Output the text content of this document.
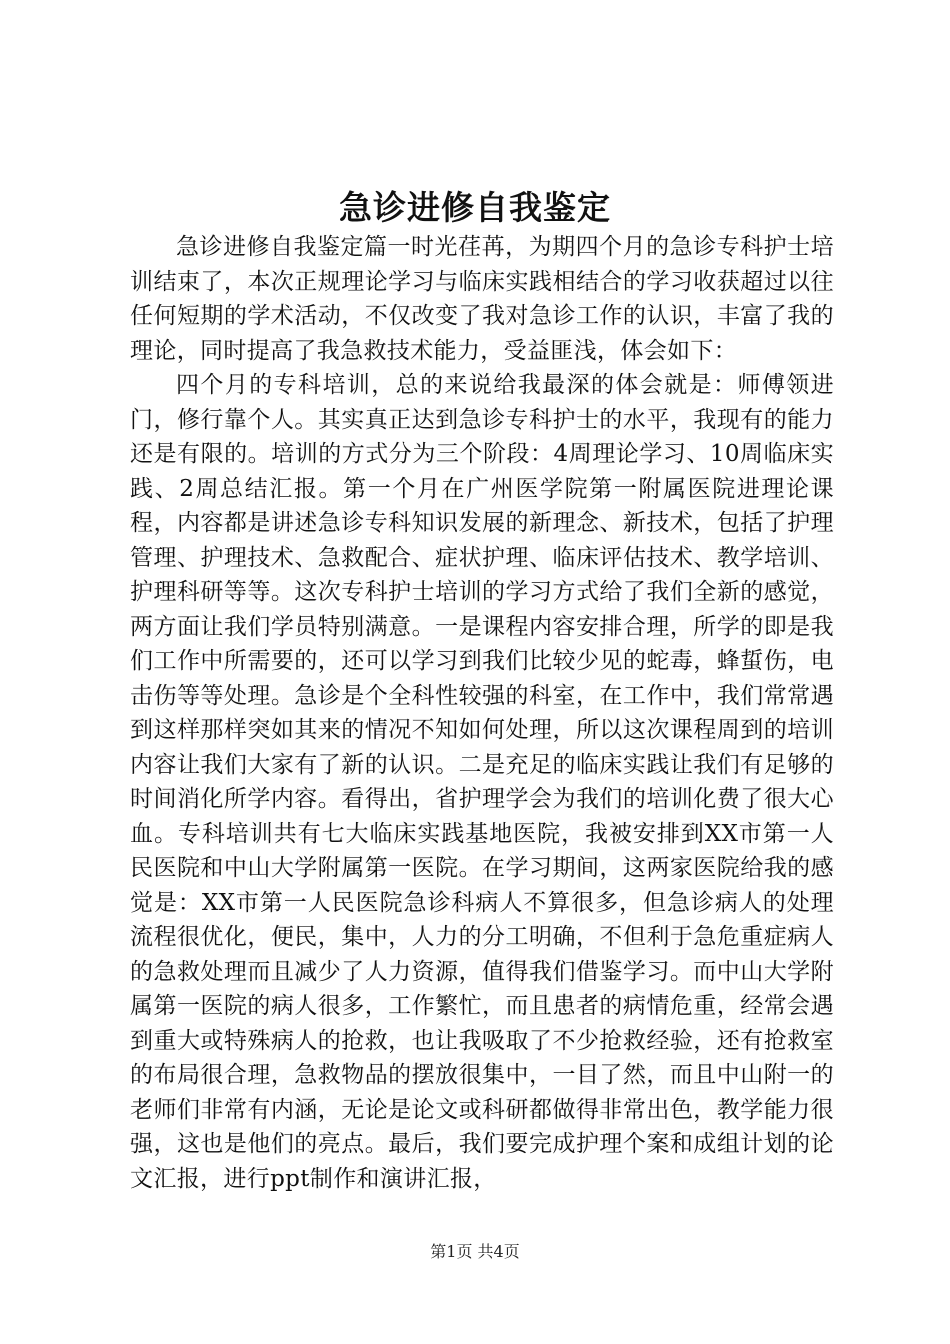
急诊进修自我鉴定

急诊进修自我鉴定篇一时光荏苒，为期四个月的急诊专科护士培训结束了，本次正规理论学习与临床实践相结合的学习收获超过以往任何短期的学术活动，不仅改变了我对急诊工作的认识，丰富了我的理论，同时提高了我急救技术能力，受益匪浅，体会如下：

四个月的专科培训，总的来说给我最深的体会就是：师傅领进门，修行靠个人。其实真正达到急诊专科护士的水平，我现有的能力还是有限的。培训的方式分为三个阶段：4周理论学习、10周临床实践、2周总结汇报。第一个月在广州医学院第一附属医院进理论课程，内容都是讲述急诊专科知识发展的新理念、新技术，包括了护理管理、护理技术、急救配合、症状护理、临床评估技术、教学培训、护理科研等等。这次专科护士培训的学习方式给了我们全新的感觉，两方面让我们学员特别满意。一是课程内容安排合理，所学的即是我们工作中所需要的，还可以学习到我们比较少见的蛇毒，蜂蜇伤，电击伤等等处理。急诊是个全科性较强的科室，在工作中，我们常常遇到这样那样突如其来的情况不知如何处理，所以这次课程周到的培训内容让我们大家有了新的认识。二是充足的临床实践让我们有足够的时间消化所学内容。看得出，省护理学会为我们的培训化费了很大心血。专科培训共有七大临床实践基地医院，我被安排到XX市第一人民医院和中山大学附属第一医院。在学习期间，这两家医院给我的感觉是：XX市第一人民医院急诊科病人不算很多，但急诊病人的处理流程很优化，便民，集中，人力的分工明确，不但利于急危重症病人的急救处理而且减少了人力资源，值得我们借鉴学习。而中山大学附属第一医院的病人很多，工作繁忙，而且患者的病情危重，经常会遇到重大或特殊病人的抢救，也让我吸取了不少抢救经验，还有抢救室的布局很合理，急救物品的摆放很集中，一目了然，而且中山附一的老师们非常有内涵，无论是论文或科研都做得非常出色，教学能力很强，这也是他们的亮点。最后，我们要完成护理个案和成组计划的论文汇报，进行ppt制作和演讲汇报，

第1页 共4页
